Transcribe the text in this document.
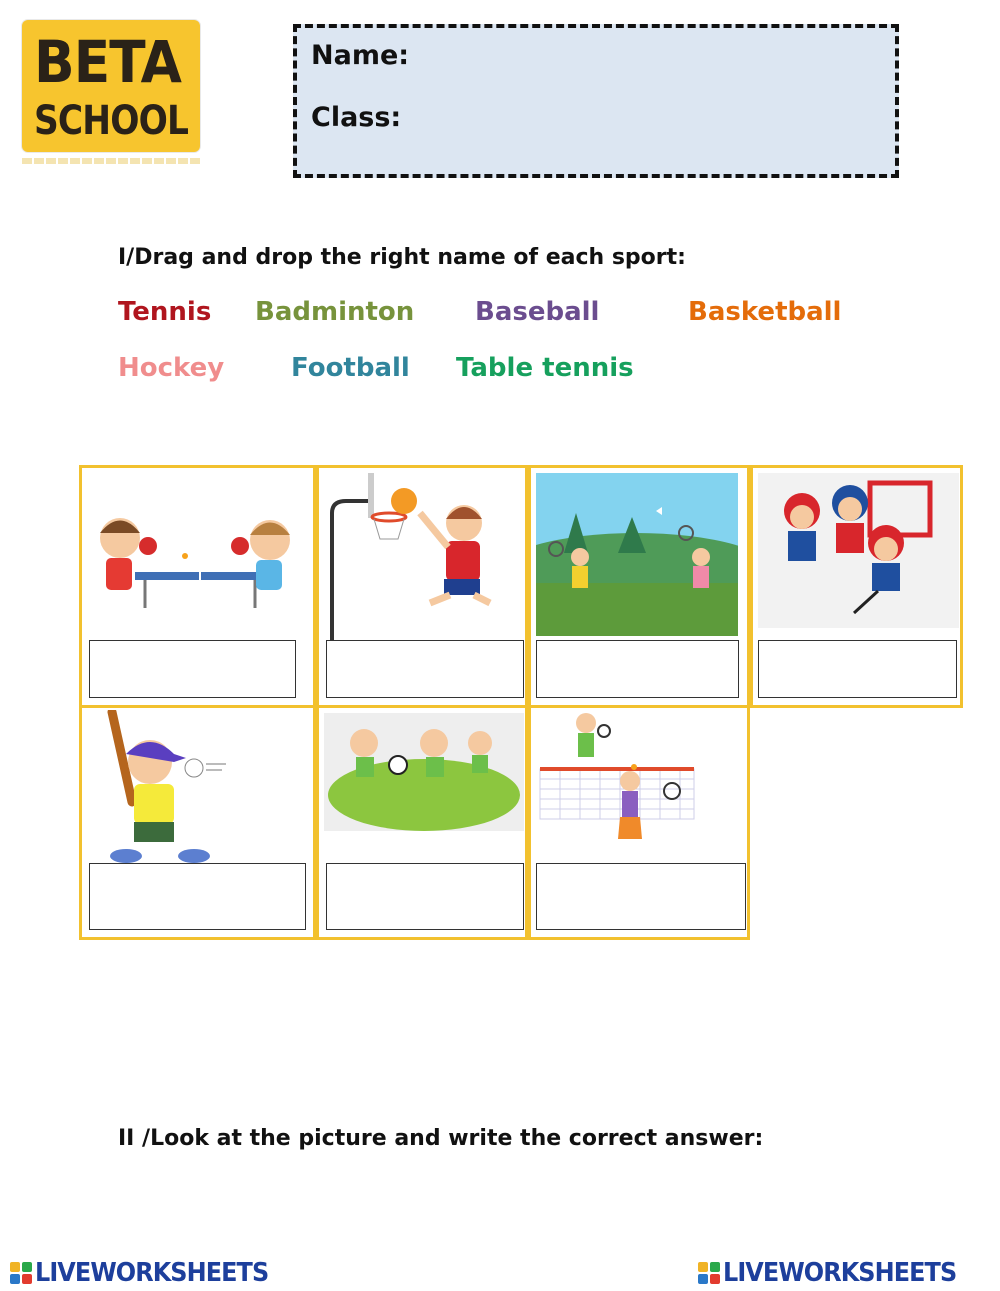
BETA
SCHOOL
Name:
Class:
I/Drag and drop the right name of each sport:
Tennis Badminton Baseball	Basketball
Hockey	Football Table tennis
II /Look at the picture and write the correct answer:
LIVEWORKSHEETS	LIVEWORKSHEETS
